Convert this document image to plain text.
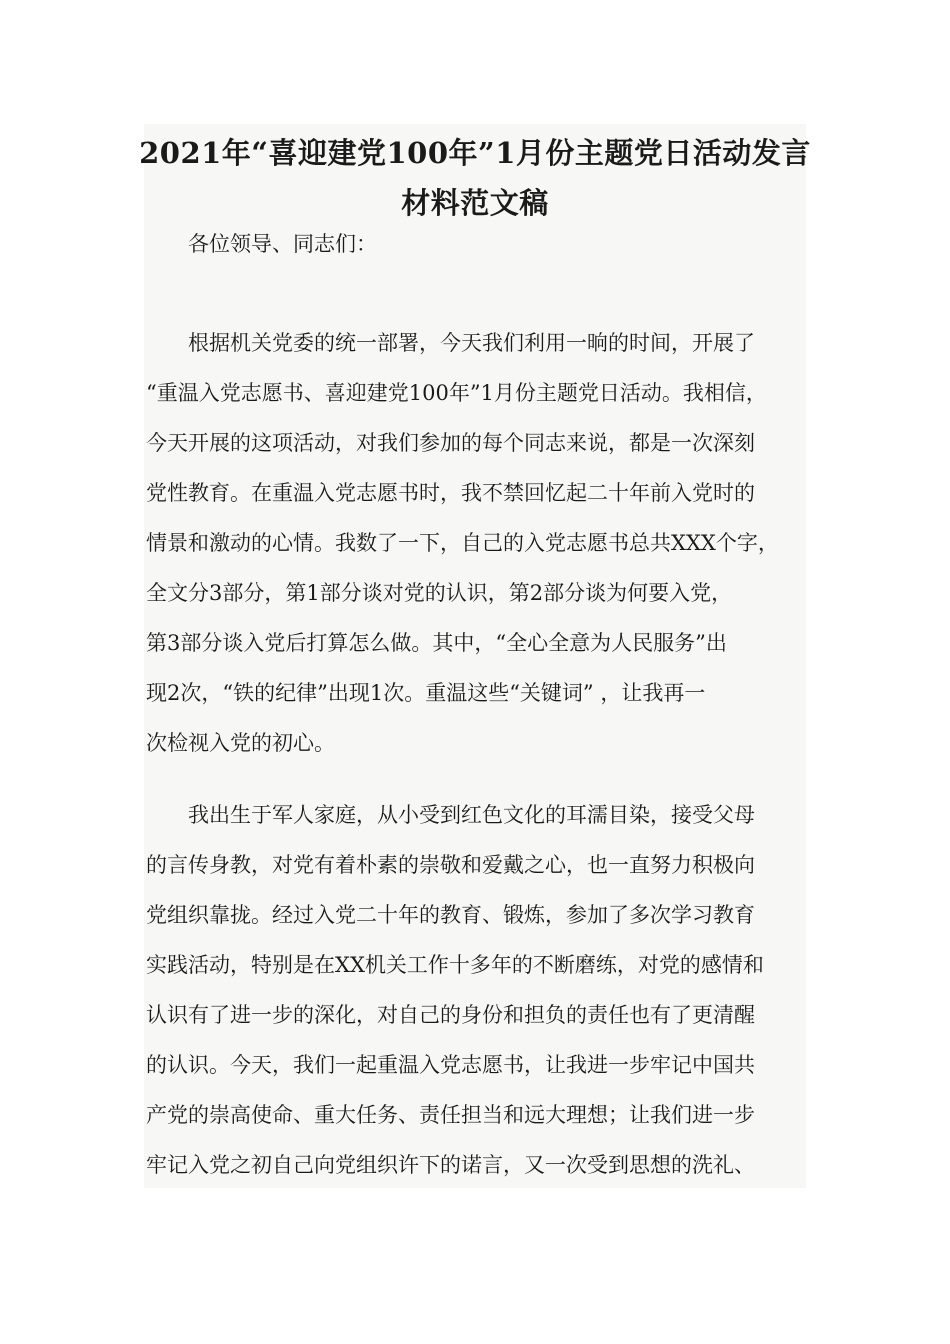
2021年“喜迎建党100年”1月份主题党日活动发言
材料范文稿

　　各位领导、同志们：

　　根据机关党委的统一部署，今天我们利用一晌的时间，开展了

“重温入党志愿书、喜迎建党100年”1月份主题党日活动。我相信，

今天开展的这项活动，对我们参加的每个同志来说，都是一次深刻

党性教育。在重温入党志愿书时，我不禁回忆起二十年前入党时的

情景和激动的心情。我数了一下，自己的入党志愿书总共XXX个字，

全文分3部分，第1部分谈对党的认识，第2部分谈为何要入党，

第3部分谈入党后打算怎么做。其中，“全心全意为人民服务”出

现2次，“铁的纪律”出现1次。重温这些“关键词” ，让我再一

次检视入党的初心。

　　我出生于军人家庭，从小受到红色文化的耳濡目染，接受父母

的言传身教，对党有着朴素的崇敬和爱戴之心，也一直努力积极向

党组织靠拢。经过入党二十年的教育、锻炼，参加了多次学习教育

实践活动，特别是在XX机关工作十多年的不断磨练，对党的感情和

认识有了进一步的深化，对自己的身份和担负的责任也有了更清醒

的认识。今天，我们一起重温入党志愿书，让我进一步牢记中国共

产党的崇高使命、重大任务、责任担当和远大理想；让我们进一步

牢记入党之初自己向党组织许下的诺言，又一次受到思想的洗礼、
